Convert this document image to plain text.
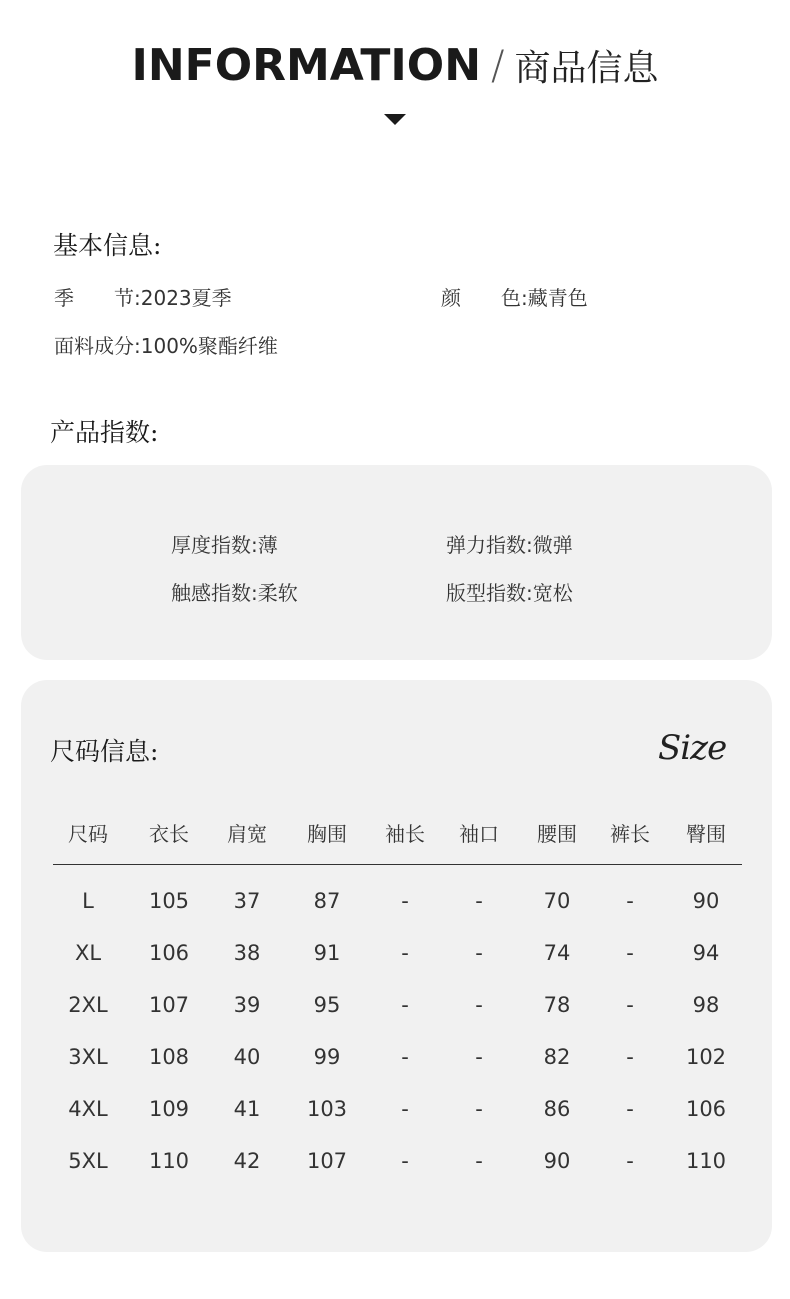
INFORMATION / 商品信息
基本信息:
季　　节:2023夏季	颜　　色:藏青色
面料成分:100%聚酯纤维
产品指数:
厚度指数:薄	弹力指数:微弹
触感指数:柔软	版型指数:宽松
尺码信息:	Size
尺码 衣长 肩宽 胸围 袖长 袖口 腰围 裤长 臀围
L	105 37	87	-	-	70	-	90
XL 106 38	91	-	-	74	-	94
2XL 107 39	95	-	-	78	-	98
3XL 108 40	99	-	-	82	- 102
4XL 109 41 103	-	-	86	- 106
5XL 110 42 107	-	-	90	- 110
